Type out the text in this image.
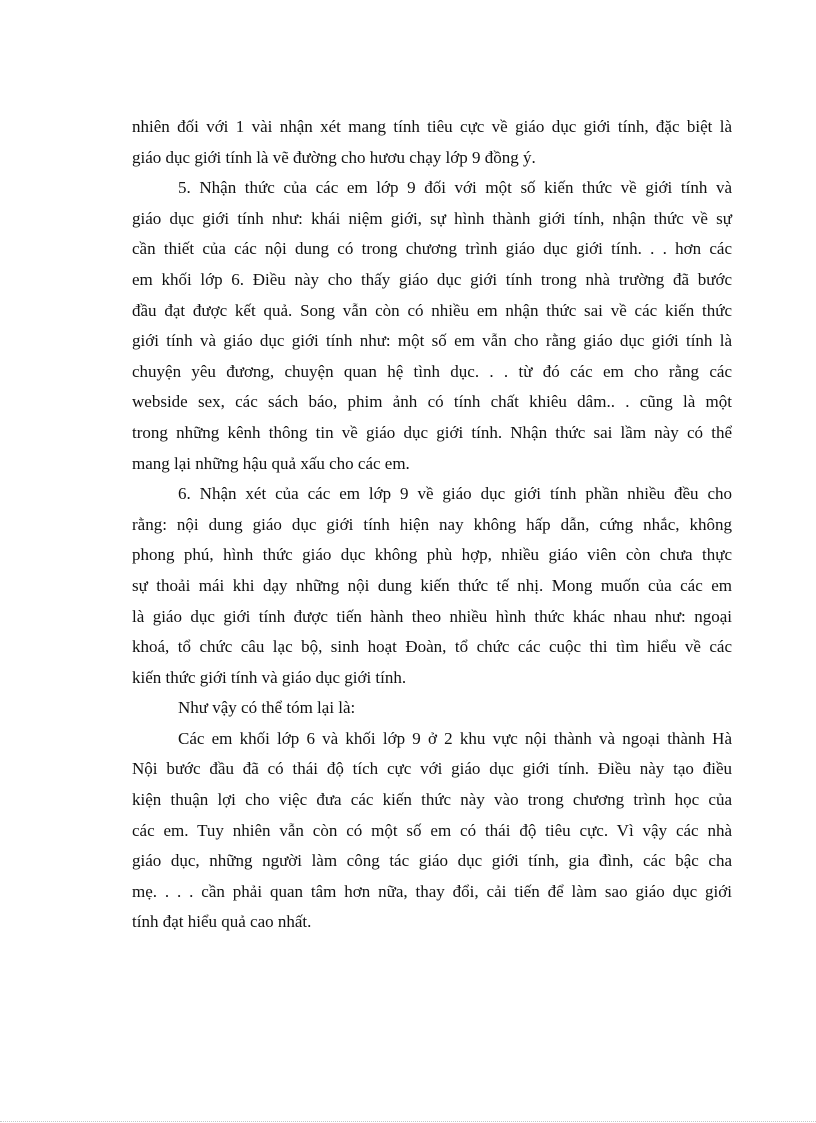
nhiên đối với 1 vài nhận xét mang tính tiêu cực về giáo dục giới tính, đặc biệt là

giáo dục giới tính là vẽ đường cho hươu chạy lớp 9 đồng ý.

5. Nhận thức của các em lớp 9 đối với một số kiến thức về giới tính và

giáo dục giới tính như: khái niệm giới, sự hình thành giới tính, nhận thức về sự

cần thiết của các nội dung có trong chương trình giáo dục giới tính. . . hơn các

em khối lớp 6. Điều này cho thấy giáo dục giới tính trong nhà trường đã bước

đầu đạt được kết quả. Song vẫn còn có nhiều em nhận thức sai về các kiến thức

giới tính và giáo dục giới tính như: một số em vẫn cho rằng giáo dục giới tính là

chuyện yêu đương, chuyện quan hệ tình dục. . . từ đó các em cho rằng các

webside sex, các sách báo, phim ảnh có tính chất khiêu dâm.. . cũng là một

trong những kênh thông tin về giáo dục giới tính. Nhận thức sai lầm này có thể

mang lại những hậu quả xấu cho các em.

6. Nhận xét của các em lớp 9 về giáo dục giới tính phần nhiều đều cho

rằng: nội dung giáo dục giới tính hiện nay không hấp dẫn, cứng nhắc, không

phong phú, hình thức giáo dục không phù hợp, nhiều giáo viên còn chưa thực

sự thoải mái khi dạy những nội dung kiến thức tế nhị. Mong muốn của các em

là giáo dục giới tính được tiến hành theo nhiều hình thức khác nhau như: ngoại

khoá, tổ chức câu lạc bộ, sinh hoạt Đoàn, tổ chức các cuộc thi tìm hiểu về các

kiến thức giới tính và giáo dục giới tính.

Như vậy có thể tóm lại là:

Các em khối lớp 6 và khối lớp 9 ở 2 khu vực nội thành và ngoại thành Hà

Nội bước đầu đã có thái độ tích cực với giáo dục giới tính. Điều này tạo điều

kiện thuận lợi cho việc đưa các kiến thức này vào trong chương trình học của

các em. Tuy nhiên vẫn còn có một số em có thái độ tiêu cực. Vì vậy các nhà

giáo dục, những người làm công tác giáo dục giới tính, gia đình, các bậc cha

mẹ. . . . cần phải quan tâm hơn nữa, thay đổi, cải tiến để làm sao giáo dục giới

tính đạt hiểu quả cao nhất.
